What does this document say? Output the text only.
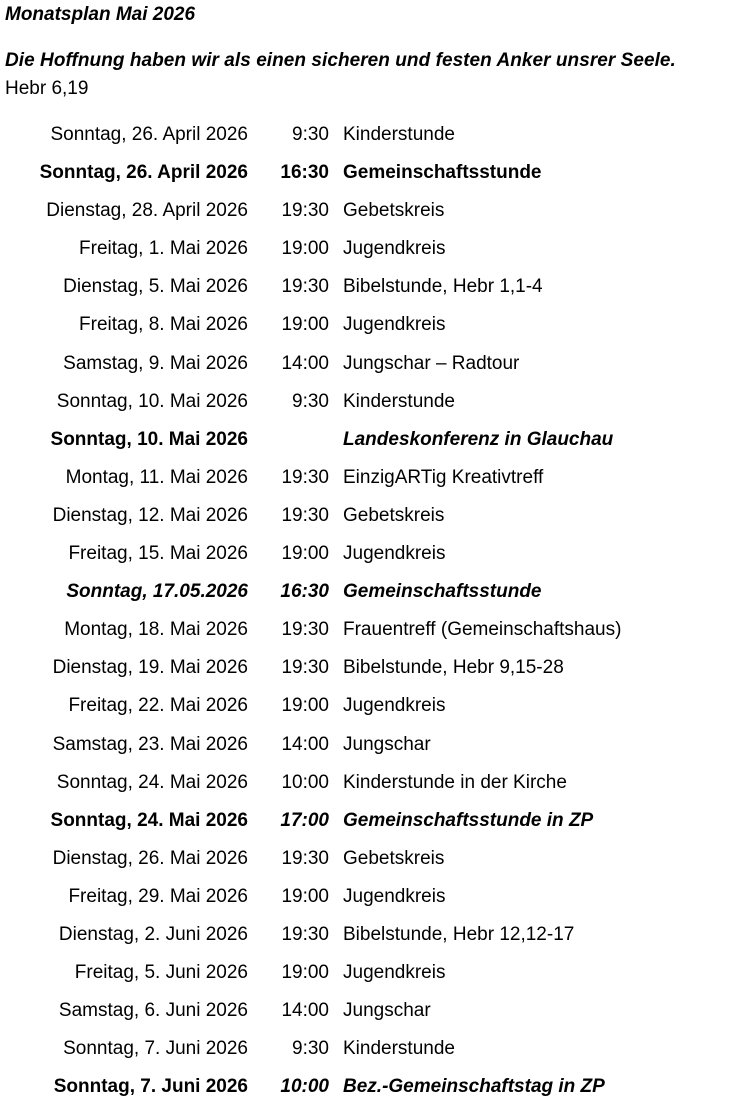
Monatsplan Mai 2026
Die Hoffnung haben wir als einen sicheren und festen Anker unsrer Seele.
Hebr 6,19
Sonntag, 26. April 2026 9:30 Kinderstunde
Sonntag, 26. April 2026 16:30 Gemeinschaftsstunde
Dienstag, 28. April 2026 19:30 Gebetskreis
Freitag, 1. Mai 2026 19:00 Jugendkreis
Dienstag, 5. Mai 2026 19:30 Bibelstunde, Hebr 1,1-4
Freitag, 8. Mai 2026 19:00 Jugendkreis
Samstag, 9. Mai 2026 14:00 Jungschar – Radtour
Sonntag, 10. Mai 2026 9:30 Kinderstunde
Sonntag, 10. Mai 2026	Landeskonferenz in Glauchau
Montag, 11. Mai 2026 19:30 EinzigARTig Kreativtreff
Dienstag, 12. Mai 2026 19:30 Gebetskreis
Freitag, 15. Mai 2026 19:00 Jugendkreis
Sonntag, 17.05.2026 16:30 Gemeinschaftsstunde
Montag, 18. Mai 2026 19:30 Frauentreff (Gemeinschaftshaus)
Dienstag, 19. Mai 2026 19:30 Bibelstunde, Hebr 9,15-28
Freitag, 22. Mai 2026 19:00 Jugendkreis
Samstag, 23. Mai 2026 14:00 Jungschar
Sonntag, 24. Mai 2026 10:00 Kinderstunde in der Kirche
Sonntag, 24. Mai 2026 17:00 Gemeinschaftsstunde in ZP
Dienstag, 26. Mai 2026 19:30 Gebetskreis
Freitag, 29. Mai 2026 19:00 Jugendkreis
Dienstag, 2. Juni 2026 19:30 Bibelstunde, Hebr 12,12-17
Freitag, 5. Juni 2026 19:00 Jugendkreis
Samstag, 6. Juni 2026 14:00 Jungschar
Sonntag, 7. Juni 2026 9:30 Kinderstunde
Sonntag, 7. Juni 2026 10:00 Bez.-Gemeinschaftstag in ZP
